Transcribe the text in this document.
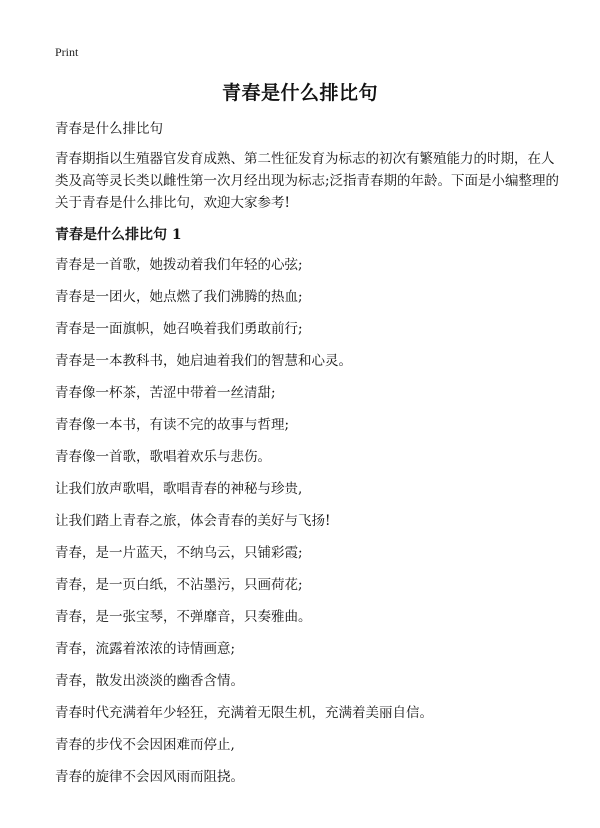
Print
青春是什么排比句

青春是什么排比句

青春期指以生殖器官发育成熟、第二性征发育为标志的初次有繁殖能力的时期，在人类及高等灵长类以雌性第一次月经出现为标志;泛指青春期的年龄。下面是小编整理的关于青春是什么排比句，欢迎大家参考!

青春是什么排比句 1

青春是一首歌，她拨动着我们年轻的心弦;

青春是一团火，她点燃了我们沸腾的热血;

青春是一面旗帜，她召唤着我们勇敢前行;

青春是一本教科书，她启迪着我们的智慧和心灵。

青春像一杯茶，苦涩中带着一丝清甜;

青春像一本书，有读不完的故事与哲理;

青春像一首歌，歌唱着欢乐与悲伤。

让我们放声歌唱，歌唱青春的神秘与珍贵,

让我们踏上青春之旅，体会青春的美好与飞扬!

青春，是一片蓝天，不纳乌云，只铺彩霞;

青春，是一页白纸，不沾墨污，只画荷花;

青春，是一张宝琴，不弹靡音，只奏雅曲。

青春，流露着浓浓的诗情画意;

青春，散发出淡淡的幽香含情。

青春时代充满着年少轻狂，充满着无限生机，充满着美丽自信。

青春的步伐不会因困难而停止,

青春的旋律不会因风雨而阻挠。
